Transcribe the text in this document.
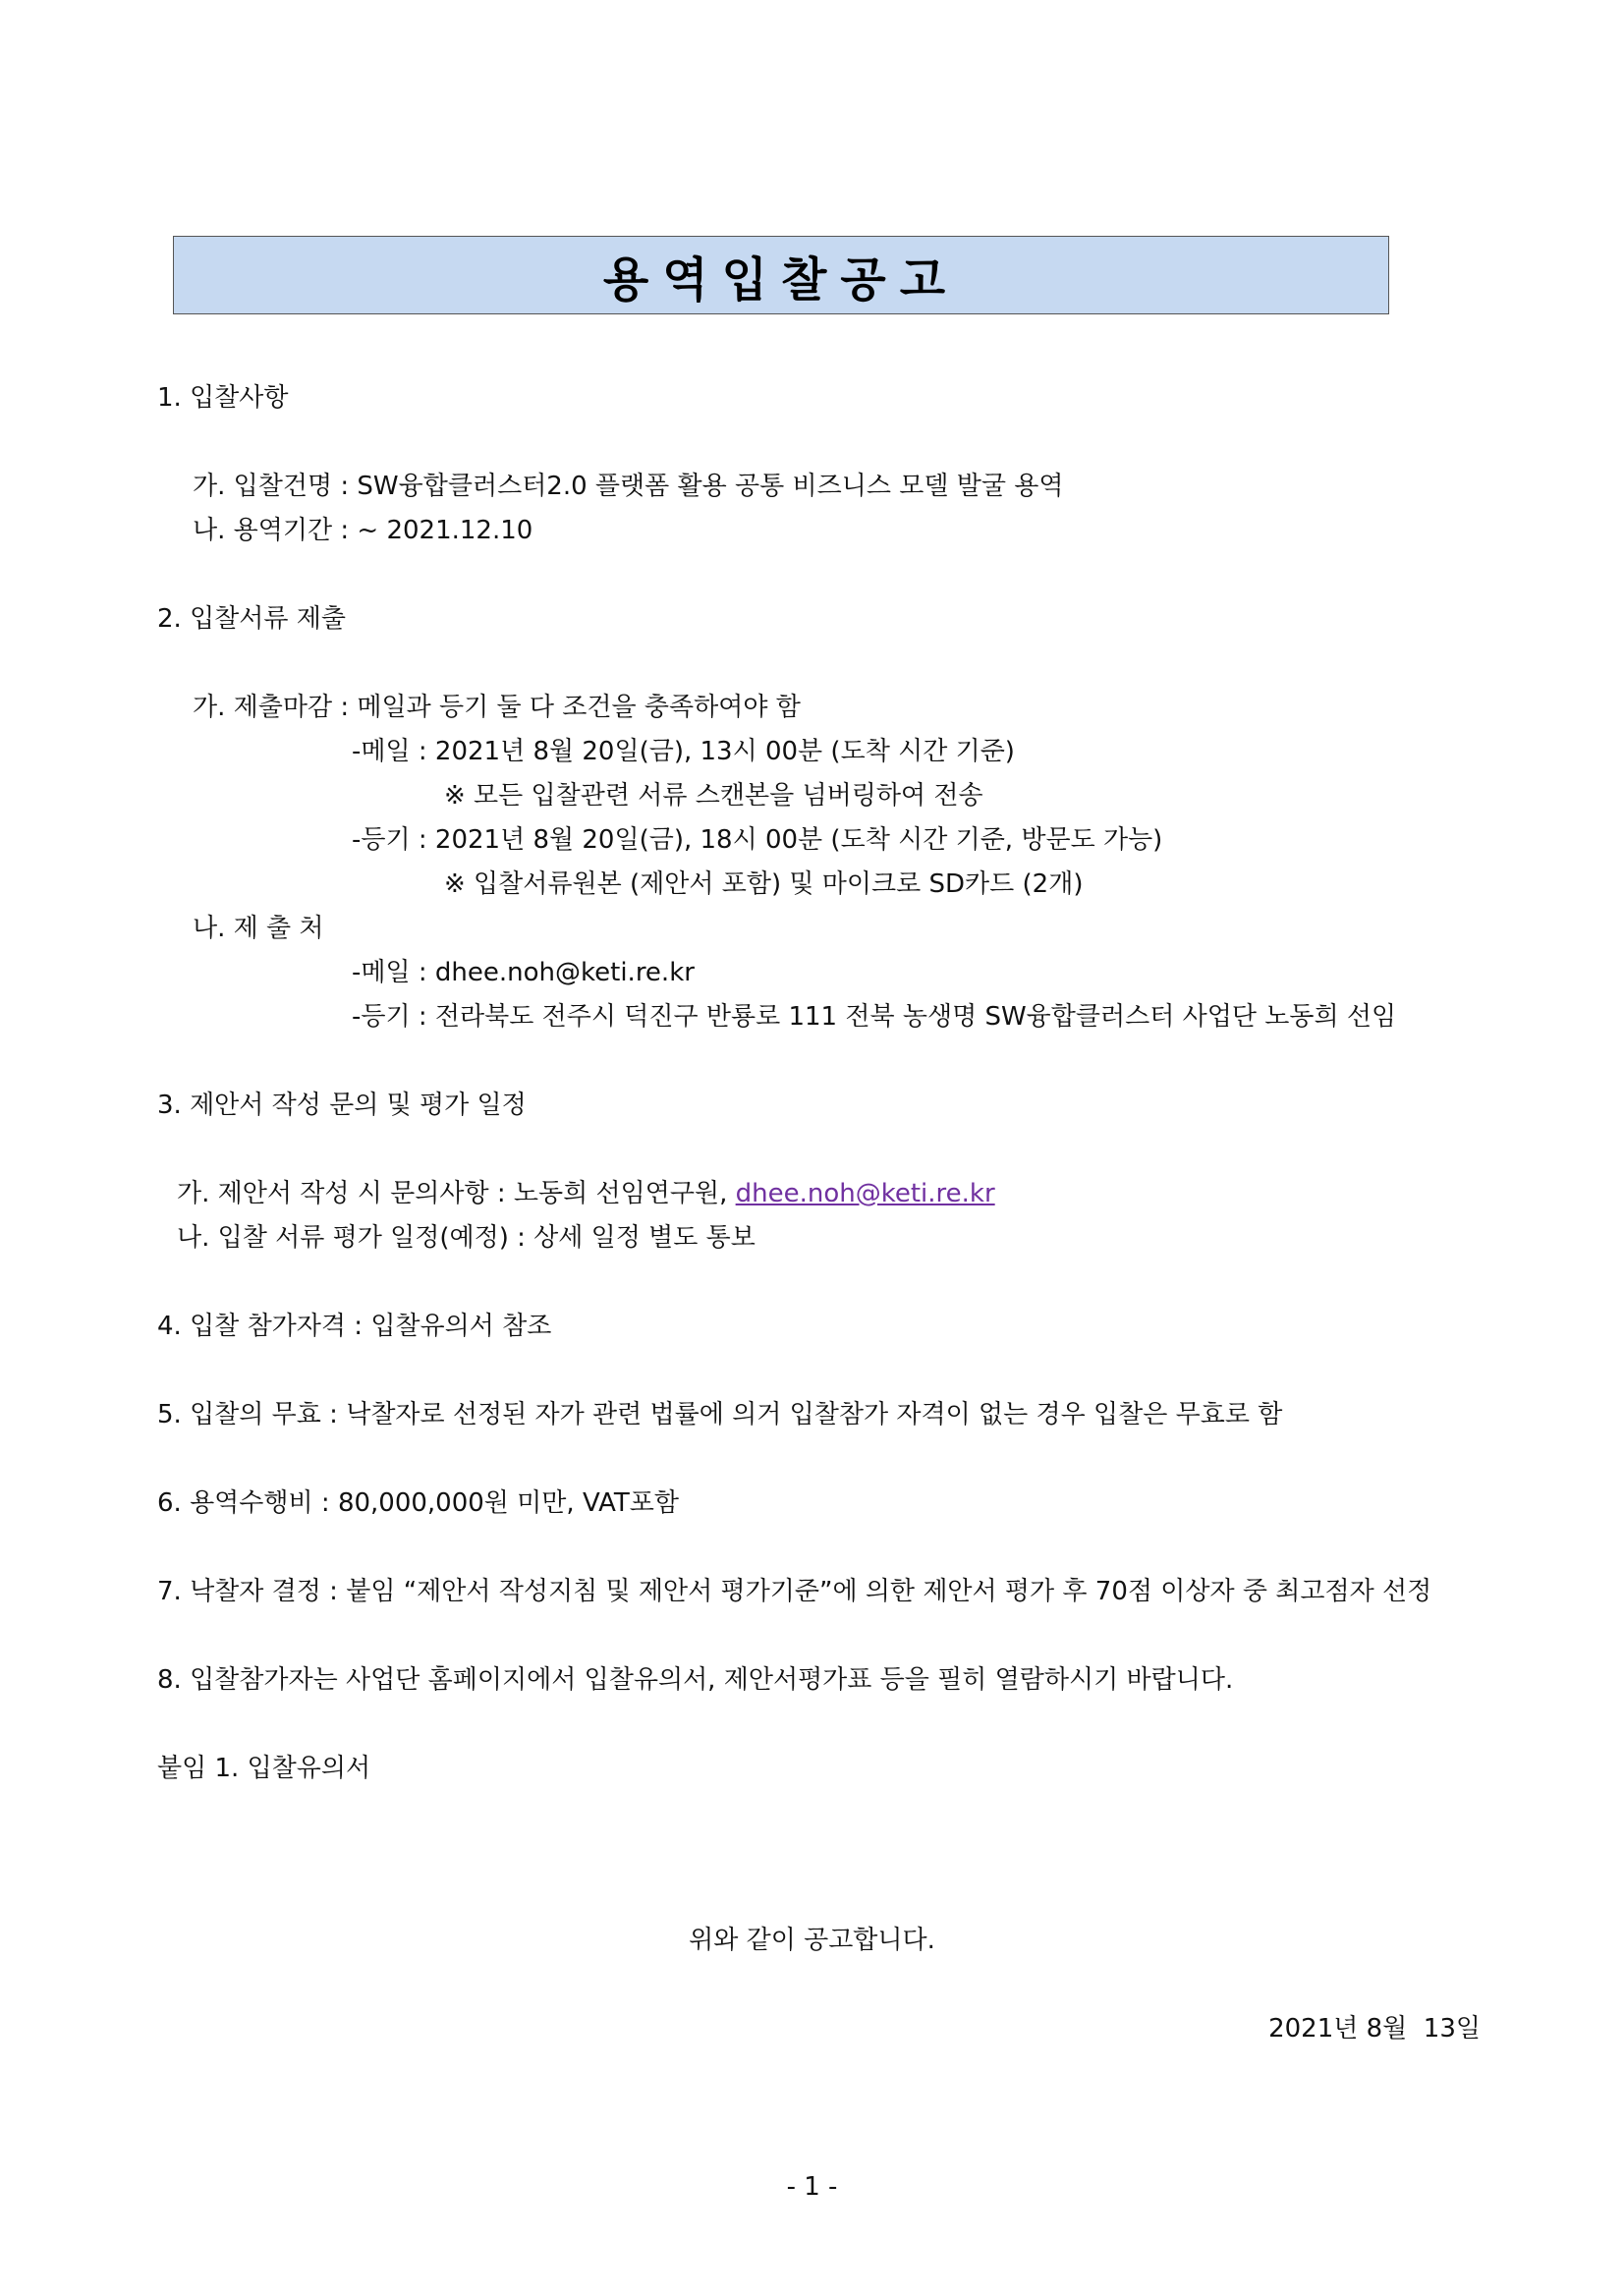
용역입찰공고
1. 입찰사항
가. 입찰건명 : SW융합클러스터2.0 플랫폼 활용 공통 비즈니스 모델 발굴 용역
나. 용역기간 : ~ 2021.12.10
2. 입찰서류 제출
가. 제출마감 : 메일과 등기 둘 다 조건을 충족하여야 함
-메일 : 2021년 8월 20일(금), 13시 00분 (도착 시간 기준)
※ 모든 입찰관련 서류 스캔본을 넘버링하여 전송
-등기 : 2021년 8월 20일(금), 18시 00분 (도착 시간 기준, 방문도 가능)
※ 입찰서류원본 (제안서 포함) 및 마이크로 SD카드 (2개)
나. 제 출 처
-메일 : dhee.noh@keti.re.kr
-등기 : 전라북도 전주시 덕진구 반룡로 111 전북 농생명 SW융합클러스터 사업단 노동희 선임
3. 제안서 작성 문의 및 평가 일정
가. 제안서 작성 시 문의사항 : 노동희 선임연구원, dhee.noh@keti.re.kr
나. 입찰 서류 평가 일정(예정) : 상세 일정 별도 통보
4. 입찰 참가자격 : 입찰유의서 참조
5. 입찰의 무효 : 낙찰자로 선정된 자가 관련 법률에 의거 입찰참가 자격이 없는 경우 입찰은 무효로 함
6. 용역수행비 : 80,000,000원 미만, VAT포함
7. 낙찰자 결정 : 붙임 “제안서 작성지침 및 제안서 평가기준”에 의한 제안서 평가 후 70점 이상자 중 최고점자 선정
8. 입찰참가자는 사업단 홈페이지에서 입찰유의서, 제안서평가표 등을 필히 열람하시기 바랍니다.
붙임 1. 입찰유의서
위와 같이 공고합니다.
2021년 8월  13일
- 1 -
